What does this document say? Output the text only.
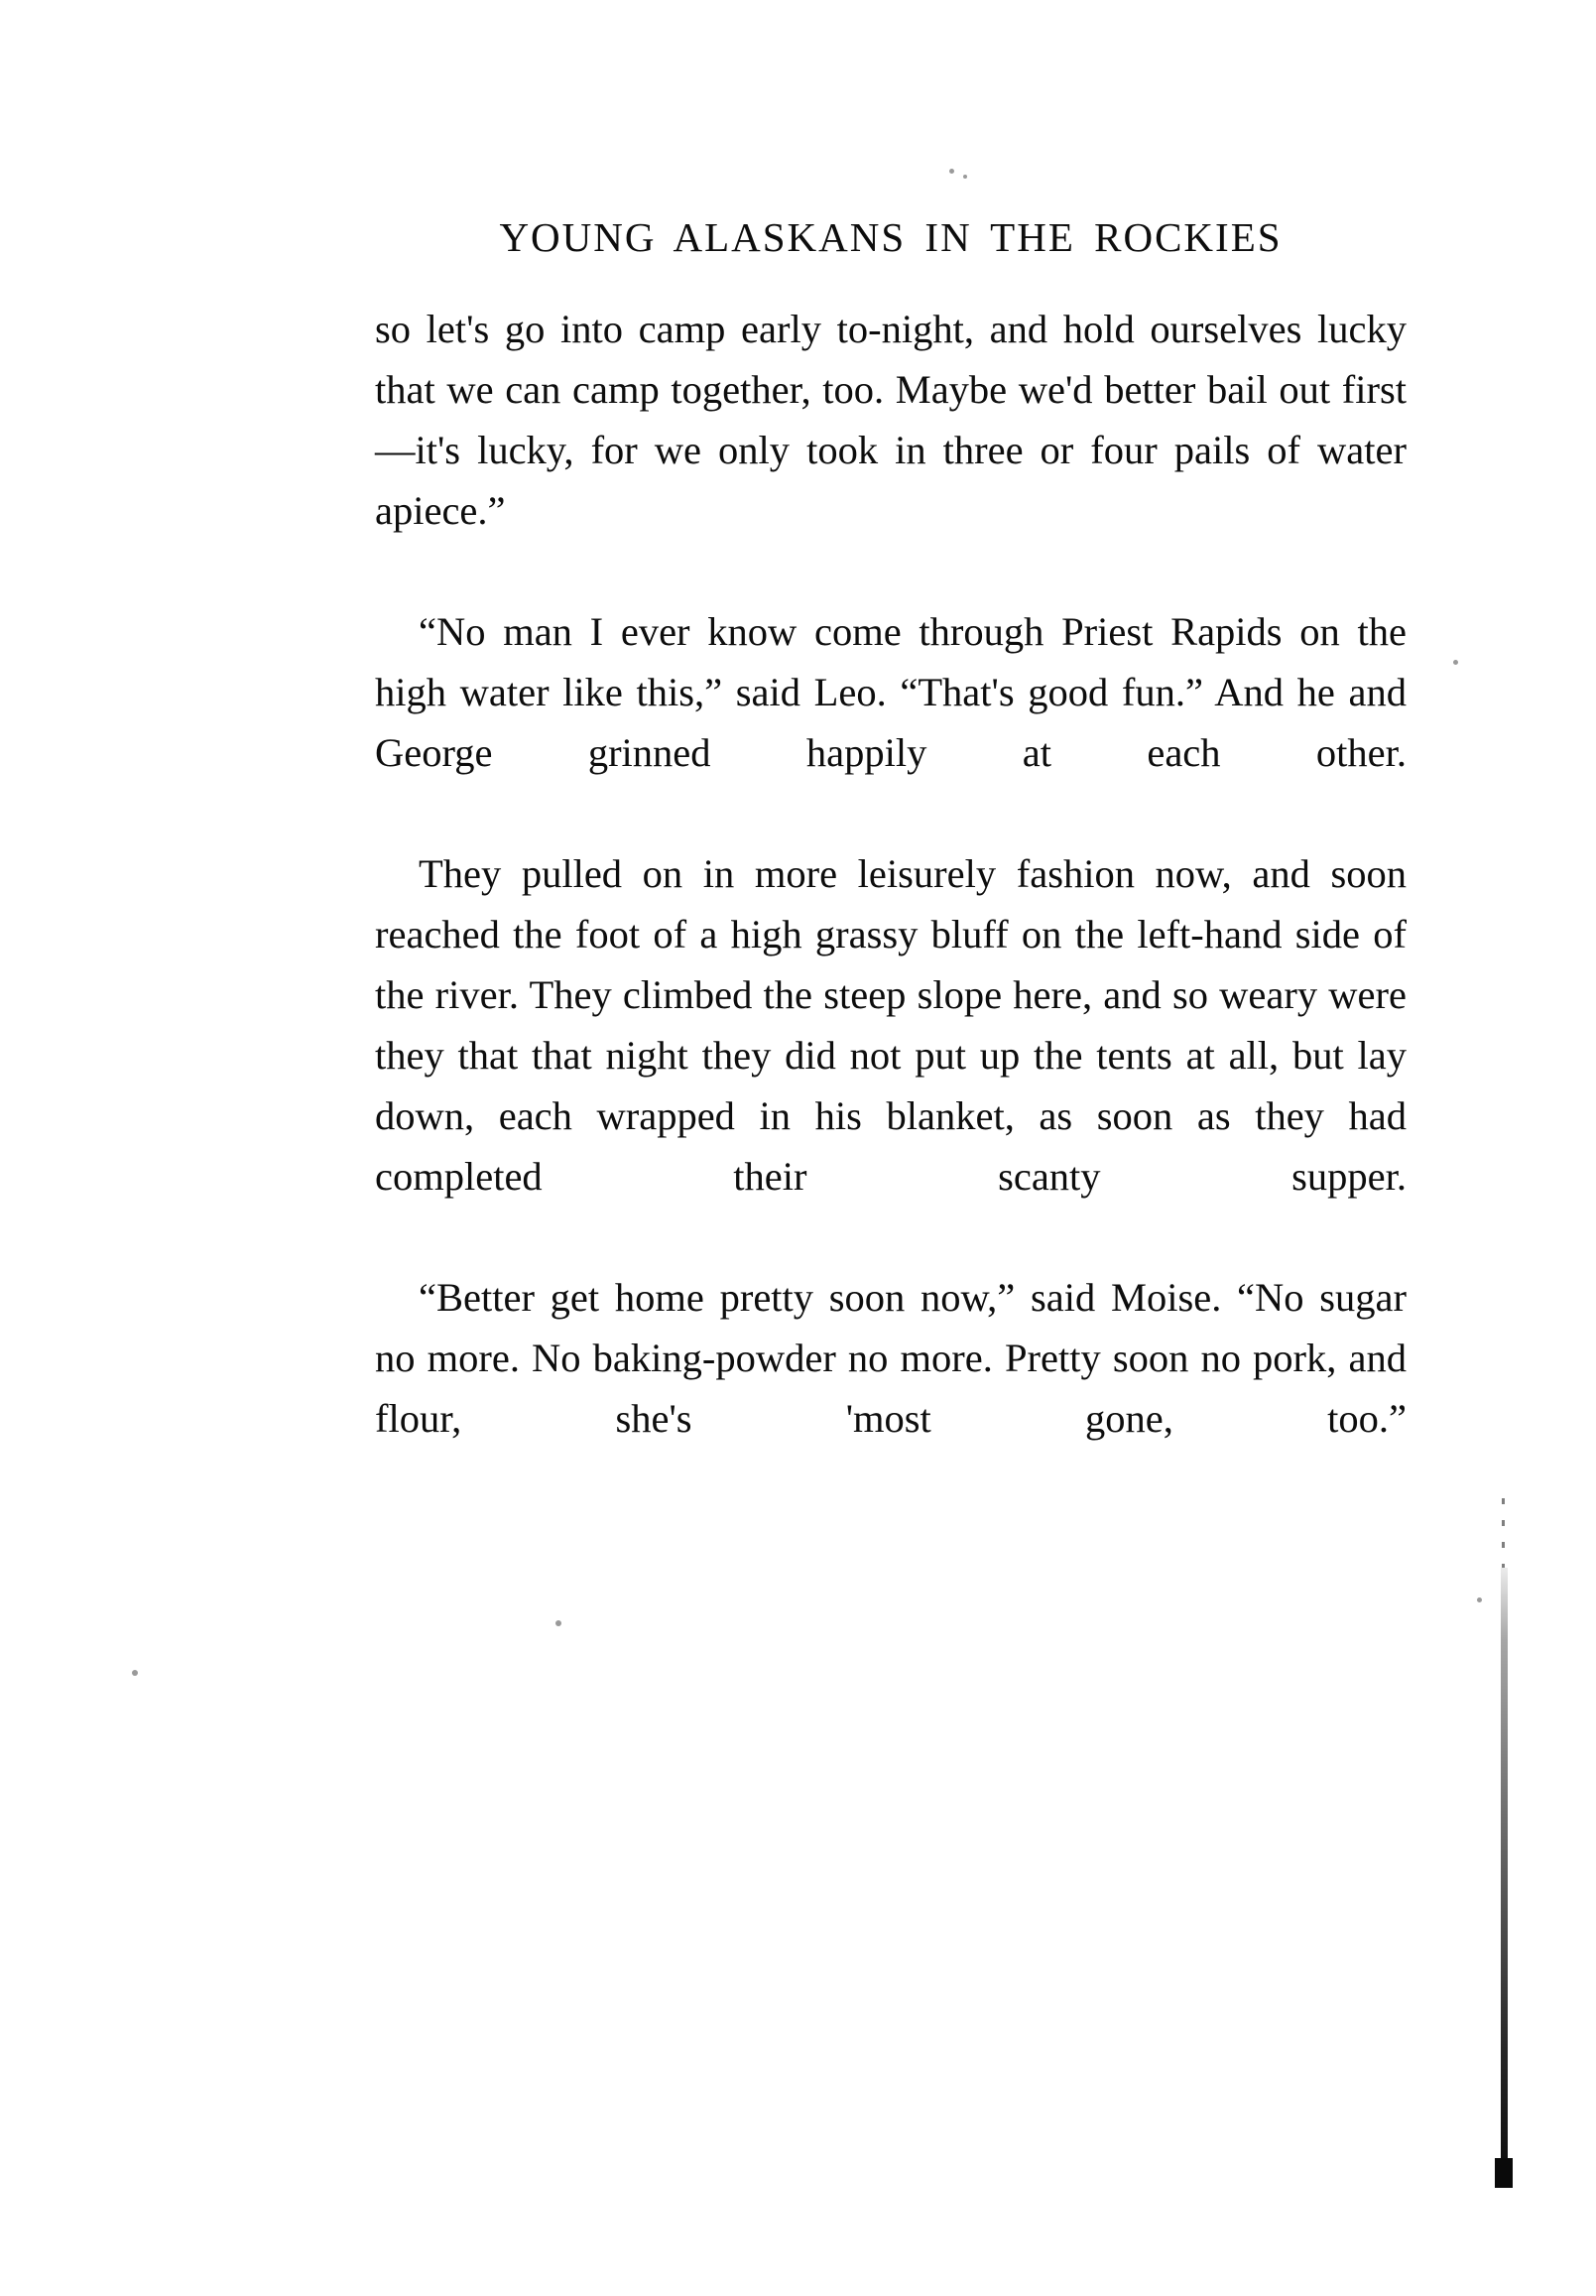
YOUNG ALASKANS IN THE ROCKIES

so let's go into camp early to-night, and hold ourselves lucky that we can camp together, too. Maybe we'd better bail out first—it's lucky, for we only took in three or four pails of water apiece.”

“No man I ever know come through Priest Rapids on the high water like this,” said Leo. “That's good fun.” And he and George grinned happily at each other.

They pulled on in more leisurely fashion now, and soon reached the foot of a high grassy bluff on the left-hand side of the river. They climbed the steep slope here, and so weary were they that that night they did not put up the tents at all, but lay down, each wrapped in his blanket, as soon as they had completed their scanty supper.

“Better get home pretty soon now,” said Moise. “No sugar no more. No baking-powder no more. Pretty soon no pork, and flour, she's 'most gone, too.”
